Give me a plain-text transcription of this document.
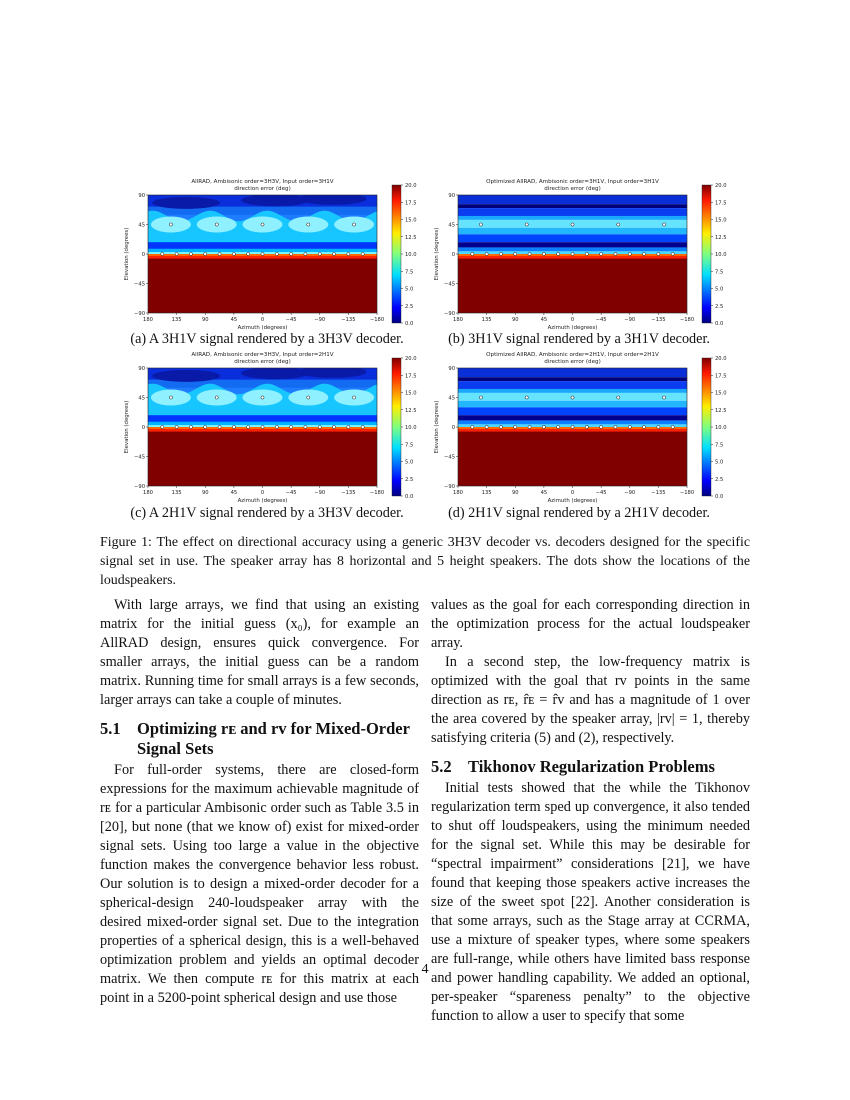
AllRAD, Ambisonic order=3H3V, Input order=3H1V
direction error (deg)
180	135	90	45	0	−45	−90	−135	−180
Azimuth (degrees)
90
45
0
−45
−90
Elevation (degrees)
20.0
17.5
15.0
12.5
10.0
7.5
5.0
2.5
0.0
Optimized AllRAD, Ambisonic order=3H1V, Input order=3H1V
direction error (deg)
180	135	90	45	0	−45	−90	−135	−180
Azimuth (degrees)
90
45
0
−45
−90
Elevation (degrees)
20.0
17.5
15.0
12.5
10.0
7.5
5.0
2.5
0.0
AllRAD, Ambisonic order=3H3V, Input order=2H1V
direction error (deg)
180	135	90	45	0	−45	−90	−135	−180
Azimuth (degrees)
90
45
0
−45
−90
Elevation (degrees)
20.0
17.5
15.0
12.5
10.0
7.5
5.0
2.5
0.0
Optimized AllRAD, Ambisonic order=2H1V, Input order=2H1V
direction error (deg)
180	135	90	45	0	−45	−90	−135	−180
Azimuth (degrees)
90
45
0
−45
−90
Elevation (degrees)
20.0
17.5
15.0
12.5
10.0
7.5
5.0
2.5
0.0
(a) A 3H1V signal rendered by a 3H3V decoder.	(b) 3H1V signal rendered by a 3H1V decoder.
(c) A 2H1V signal rendered by a 3H3V decoder.	(d) 2H1V signal rendered by a 2H1V decoder.
Figure 1: The effect on directional accuracy using a generic 3H3V decoder vs. decoders designed for the specific signal set in use. The speaker array has 8 horizontal and 5 height speakers. The dots show the locations of the loudspeakers.

With large arrays, we find that using an existing matrix for the initial guess (x₀), for example an AllRAD design, ensures quick convergence. For smaller arrays, the initial guess can be a random matrix. Running time for small arrays is a few seconds, larger arrays can take a couple of minutes.

5.1 Optimizing rᴇ and rᴠ for Mixed-Order Signal Sets

For full-order systems, there are closed-form expressions for the maximum achievable magnitude of rᴇ for a particular Ambisonic order such as Table 3.5 in [20], but none (that we know of) exist for mixed-order signal sets. Using too large a value in the objective function makes the convergence behavior less robust. Our solution is to design a mixed-order decoder for a spherical-design 240-loudspeaker array with the desired mixed-order signal set. Due to the integration properties of a spherical design, this is a well-behaved optimization problem and yields an optimal decoder matrix. We then compute rᴇ for this matrix at each point in a 5200-point spherical design and use those

values as the goal for each corresponding direction in the optimization process for the actual loudspeaker array.

In a second step, the low-frequency matrix is optimized with the goal that rᴠ points in the same direction as rᴇ, r̂ᴇ = r̂ᴠ and has a magnitude of 1 over the area covered by the speaker array, |rᴠ| = 1, thereby satisfying criteria (5) and (2), respectively.

5.2 Tikhonov Regularization Problems

Initial tests showed that the while the Tikhonov regularization term sped up convergence, it also tended to shut off loudspeakers, using the minimum needed for the signal set. While this may be desirable for “spectral impairment” considerations [21], we have found that keeping those speakers active increases the size of the sweet spot [22]. Another consideration is that some arrays, such as the Stage array at CCRMA, use a mixture of speaker types, where some speakers are full-range, while others have limited bass response and power handling capability. We added an optional, per-speaker “spareness penalty” to the objective function to allow a user to specify that some

4
